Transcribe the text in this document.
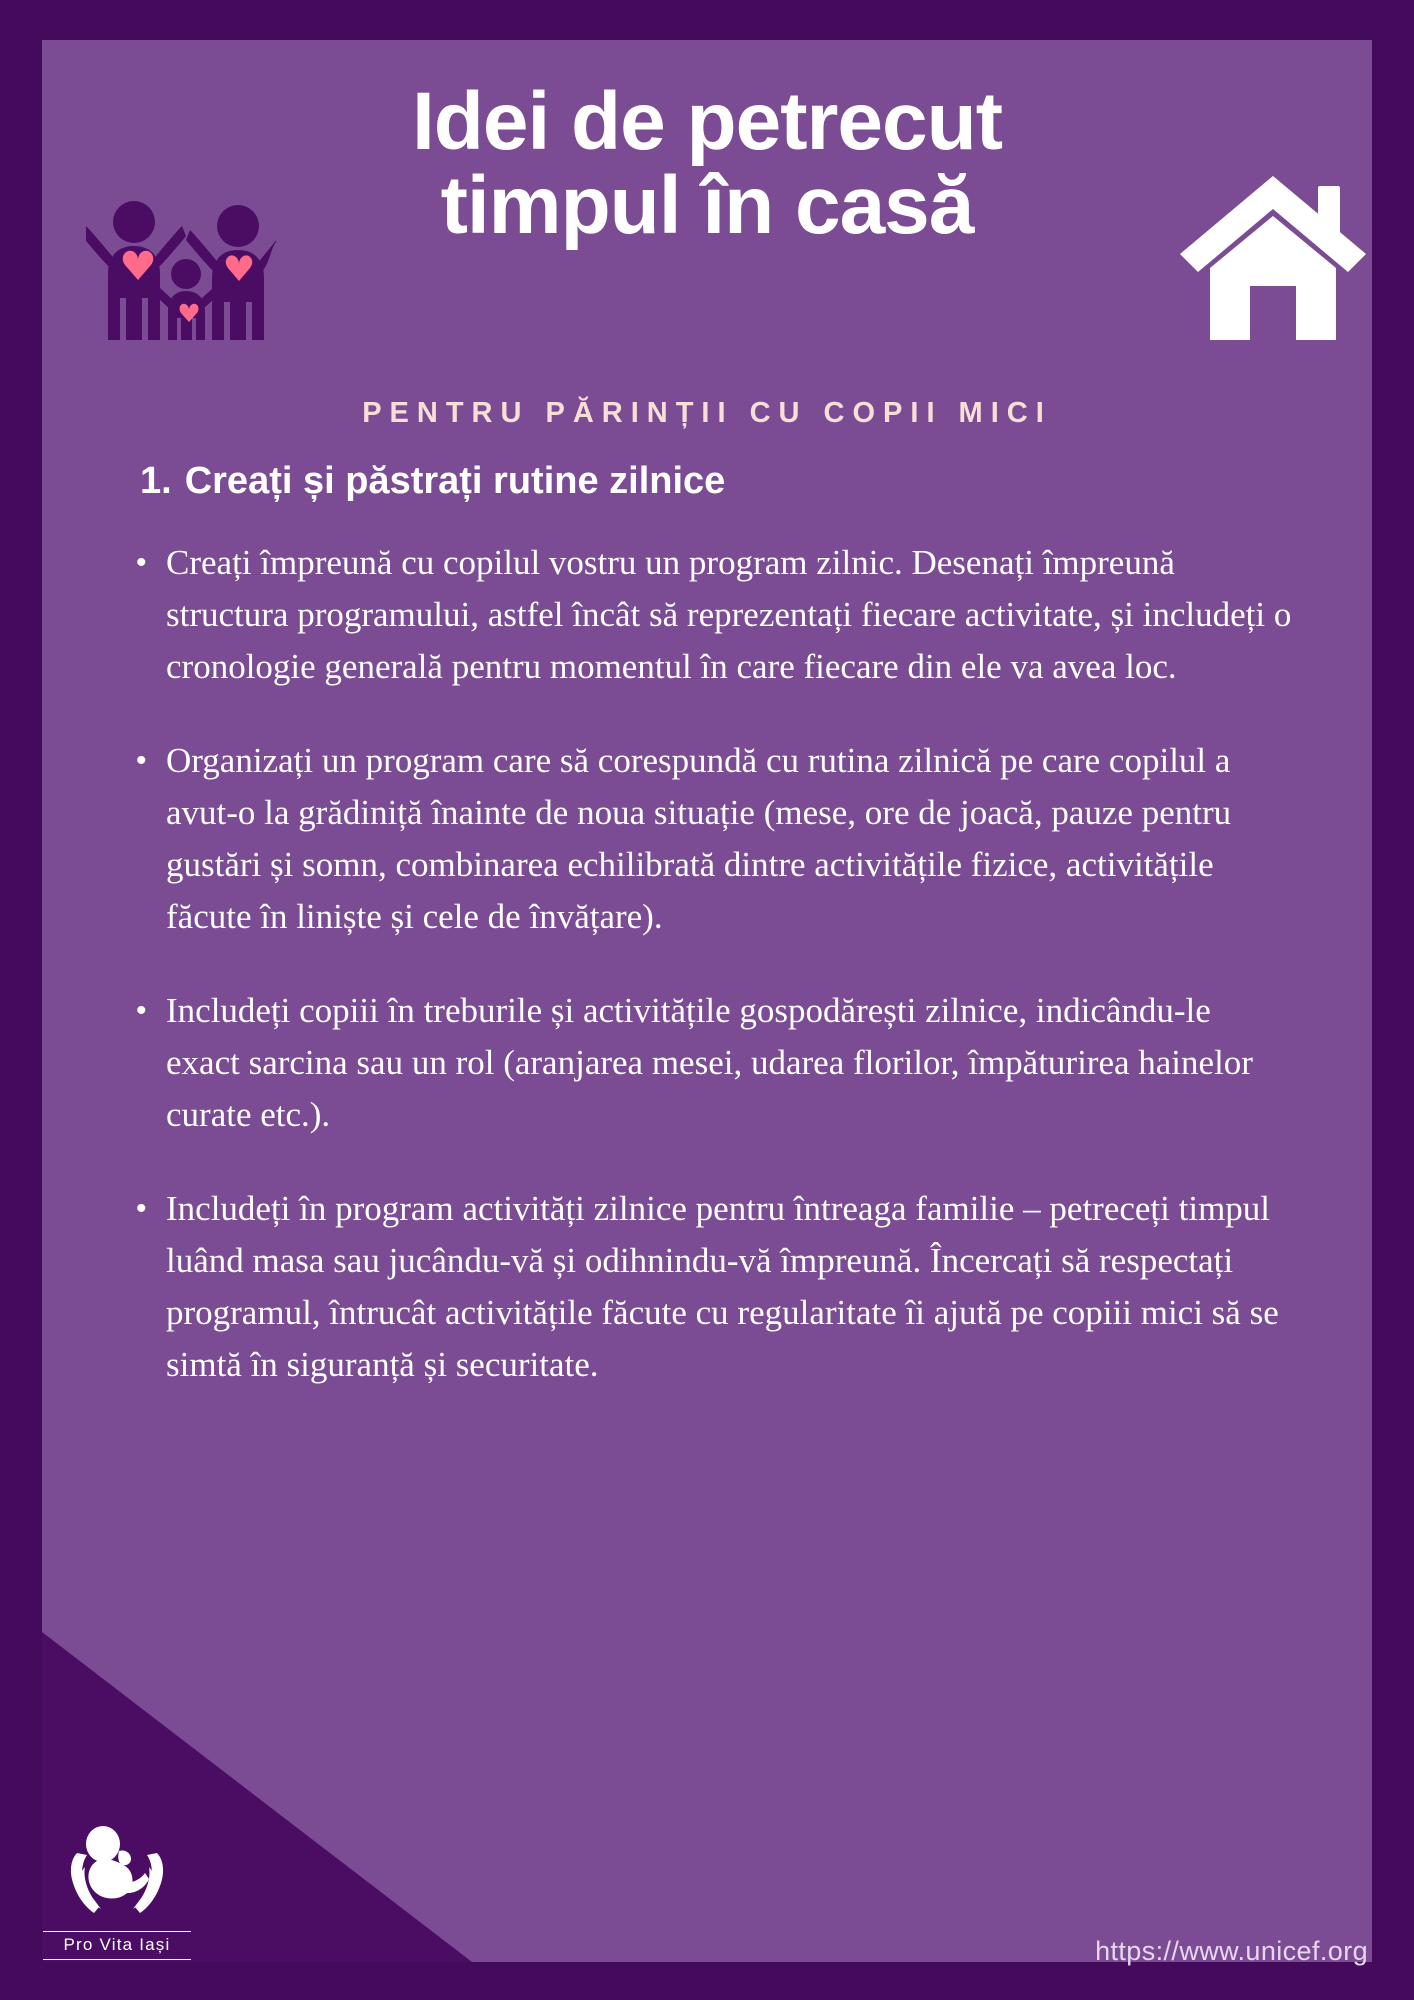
Idei de petrecut
timpul în casă
PENTRU PĂRINȚII CU COPII MICI
1. Creați și păstrați rutine zilnice
• Creați împreună cu copilul vostru un program zilnic. Desenați împreună structura programului, astfel încât să reprezentați fiecare activitate, și includeți o cronologie generală pentru momentul în care fiecare din ele va avea loc.
• Organizați un program care să corespundă cu rutina zilnică pe care copilul a avut-o la grădiniță înainte de noua situație (mese, ore de joacă, pauze pentru gustări și somn, combinarea echilibrată dintre activitățile fizice, activitățile făcute în liniște și cele de învățare).
• Includeți copiii în treburile și activitățile gospodărești zilnice, indicându-le exact sarcina sau un rol (aranjarea mesei, udarea florilor, împăturirea hainelor curate etc.).
• Includeți în program activități zilnice pentru întreaga familie – petreceți timpul luând masa sau jucându-vă și odihnindu-vă împreună. Încercați să respectați programul, întrucât activitățile făcute cu regularitate îi ajută pe copiii mici să se simtă în siguranță și securitate.
Pro Vita Iași	https://www.unicef.org
